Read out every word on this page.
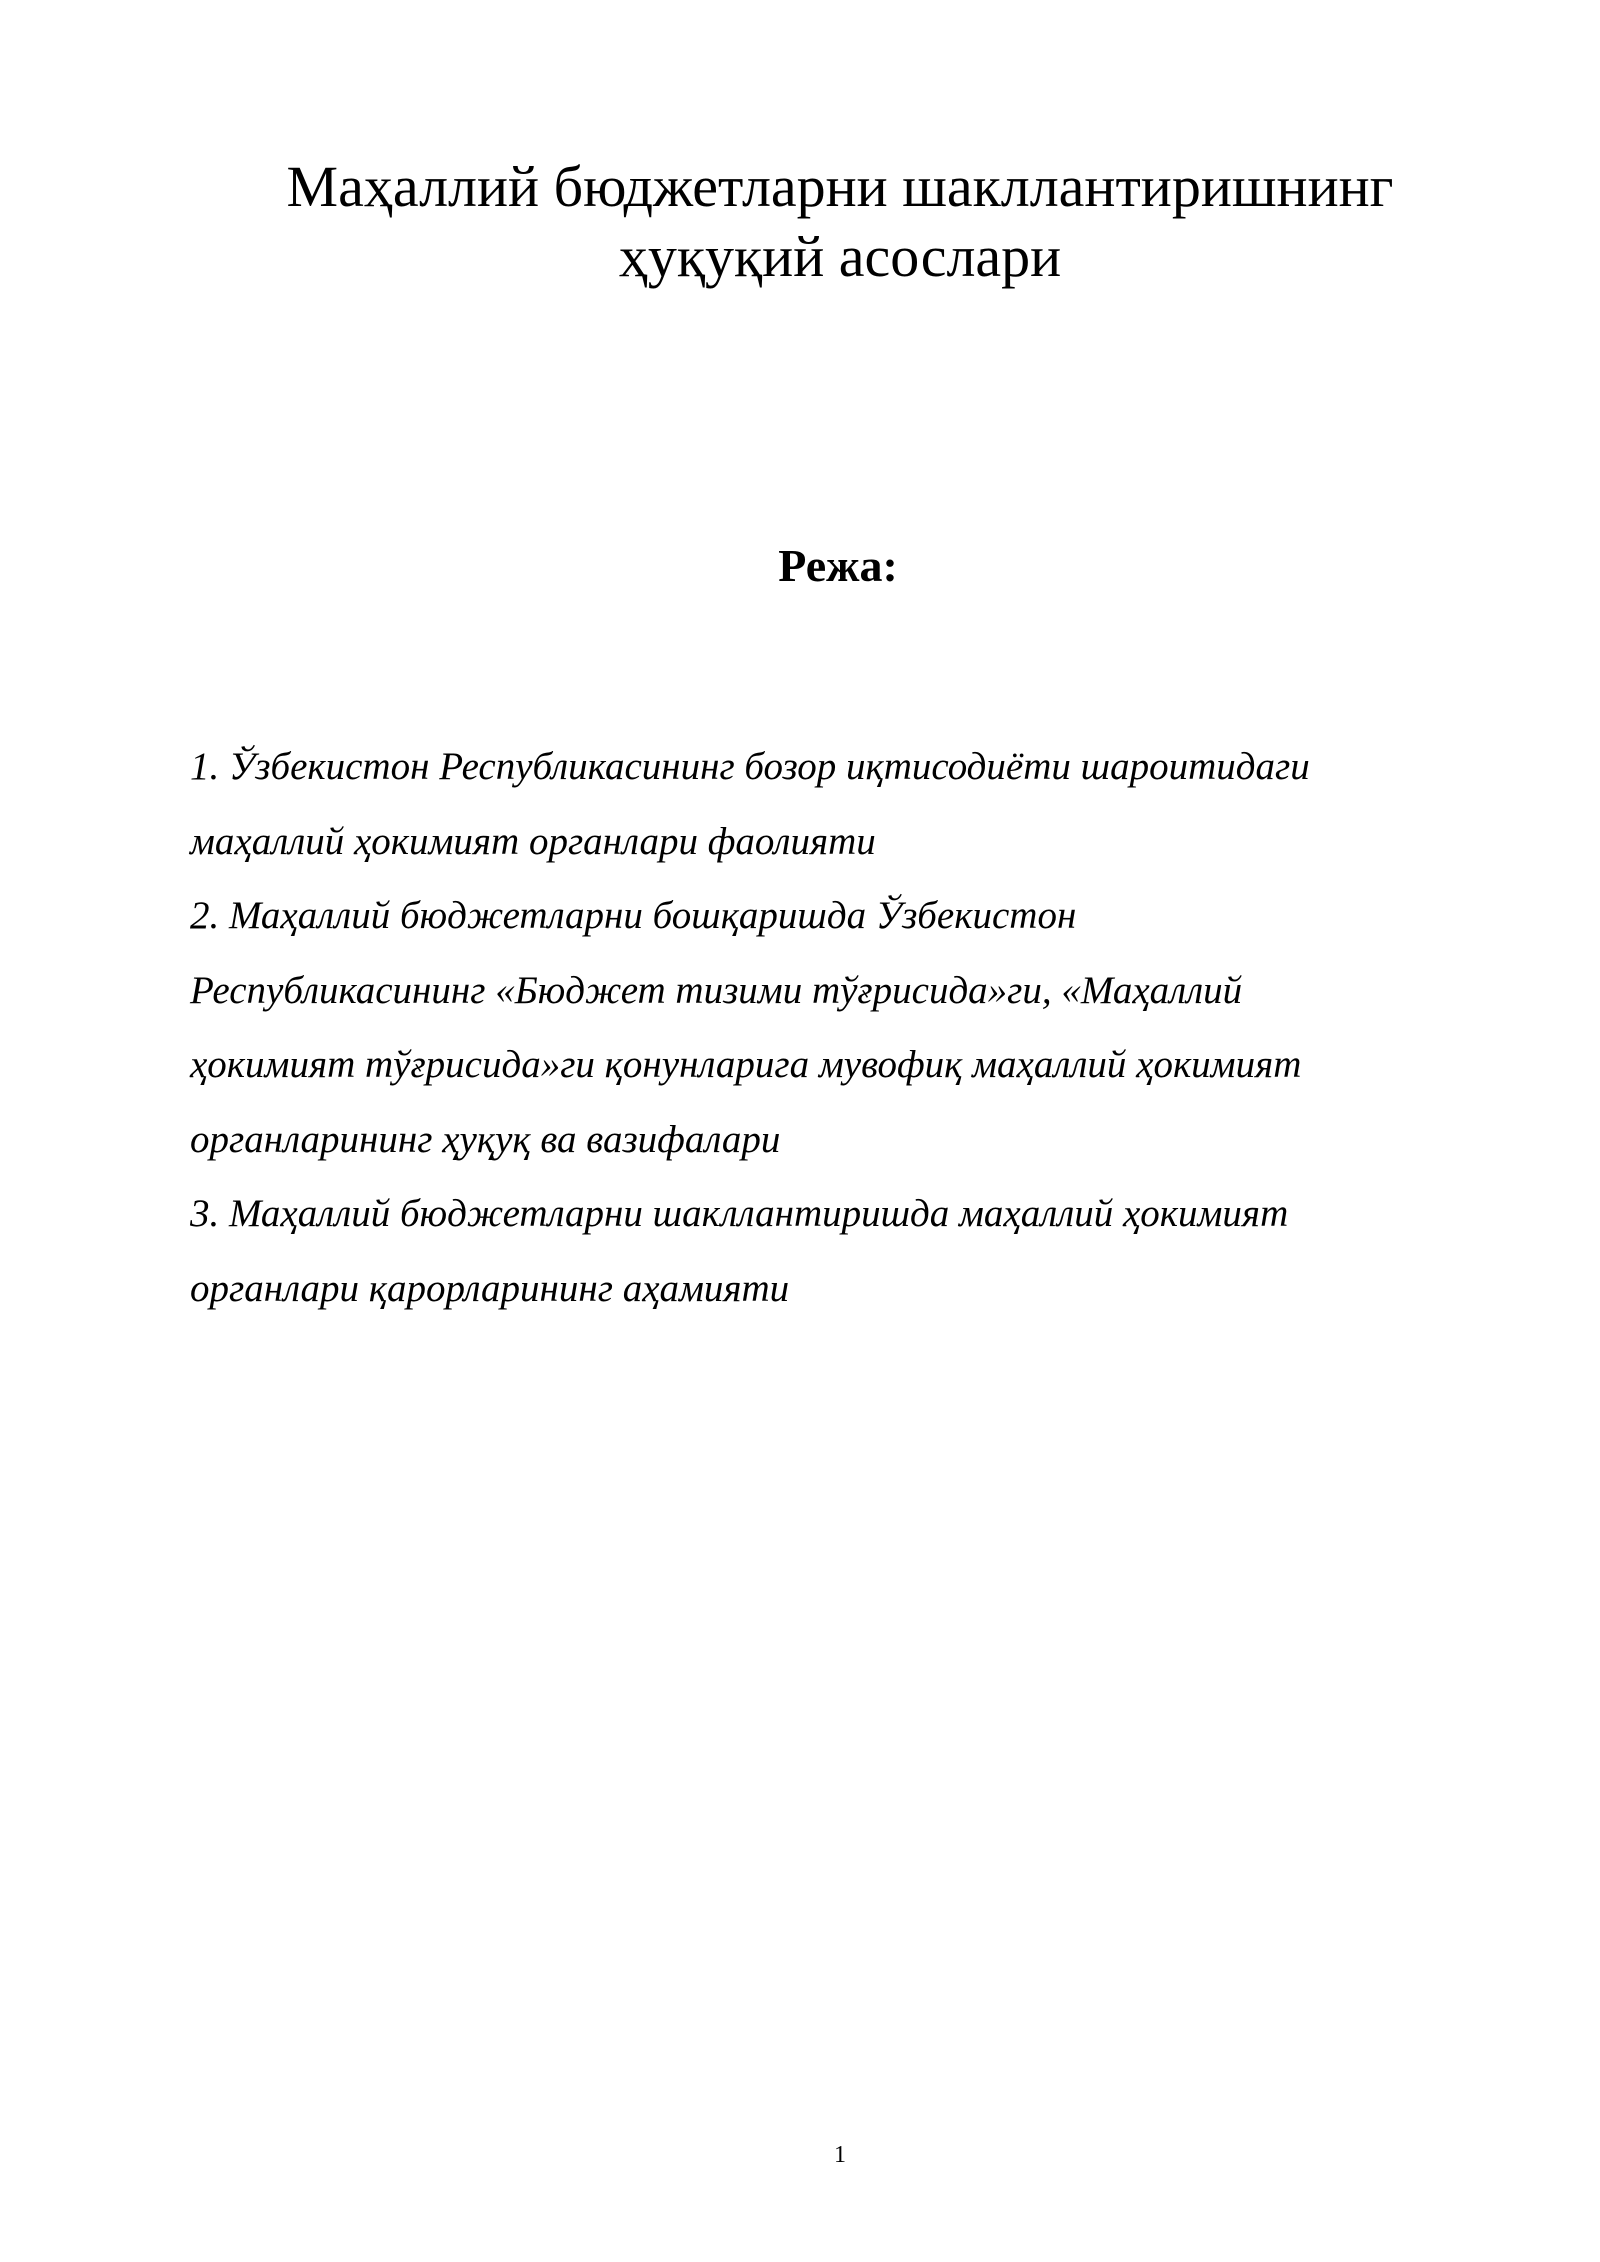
Маҳаллий бюджетларни шакллантиришнинг
ҳуқуқий асослари
Режа:
1. Ўзбекистон Республикасининг бозор иқтисодиёти шароитидаги
маҳаллий ҳокимият органлари фаолияти
2. Маҳаллий бюджетларни бошқаришда Ўзбекистон
Республикасининг «Бюджет тизими тўғрисида»ги, «Маҳаллий
ҳокимият тўғрисида»ги қонунларига мувофиқ маҳаллий ҳокимият
органларининг ҳуқуқ ва вазифалари
3. Маҳаллий бюджетларни шакллантиришда маҳаллий ҳокимият
органлари қарорларининг аҳамияти
1
